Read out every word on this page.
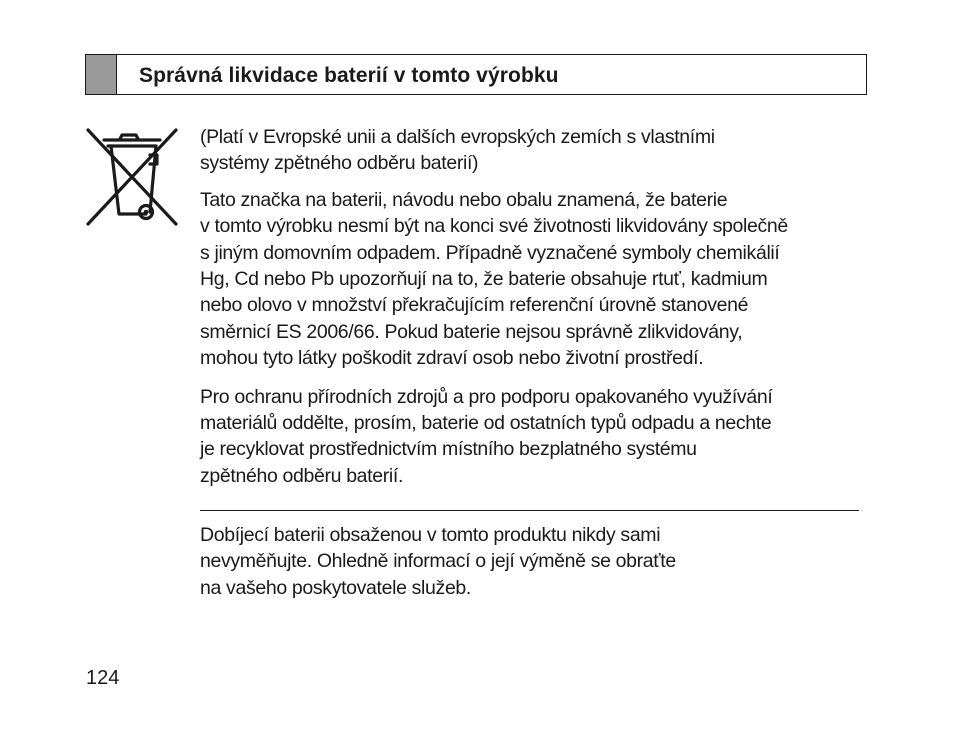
Správná likvidace baterií v tomto výrobku

(Platí v Evropské unii a dalších evropských zemích s vlastními
systémy zpětného odběru baterií)

Tato značka na baterii, návodu nebo obalu znamená, že baterie
v tomto výrobku nesmí být na konci své životnosti likvidovány společně
s jiným domovním odpadem. Případně vyznačené symboly chemikálií
Hg, Cd nebo Pb upozorňují na to, že baterie obsahuje rtuť, kadmium
nebo olovo v množství překračujícím referenční úrovně stanovené
směrnicí ES 2006/66. Pokud baterie nejsou správně zlikvidovány,
mohou tyto látky poškodit zdraví osob nebo životní prostředí.

Pro ochranu přírodních zdrojů a pro podporu opakovaného využívání
materiálů oddělte, prosím, baterie od ostatních typů odpadu a nechte
je recyklovat prostřednictvím místního bezplatného systému
zpětného odběru baterií.

Dobíjecí baterii obsaženou v tomto produktu nikdy sami
nevyměňujte. Ohledně informací o její výměně se obraťte
na vašeho poskytovatele služeb.
124
